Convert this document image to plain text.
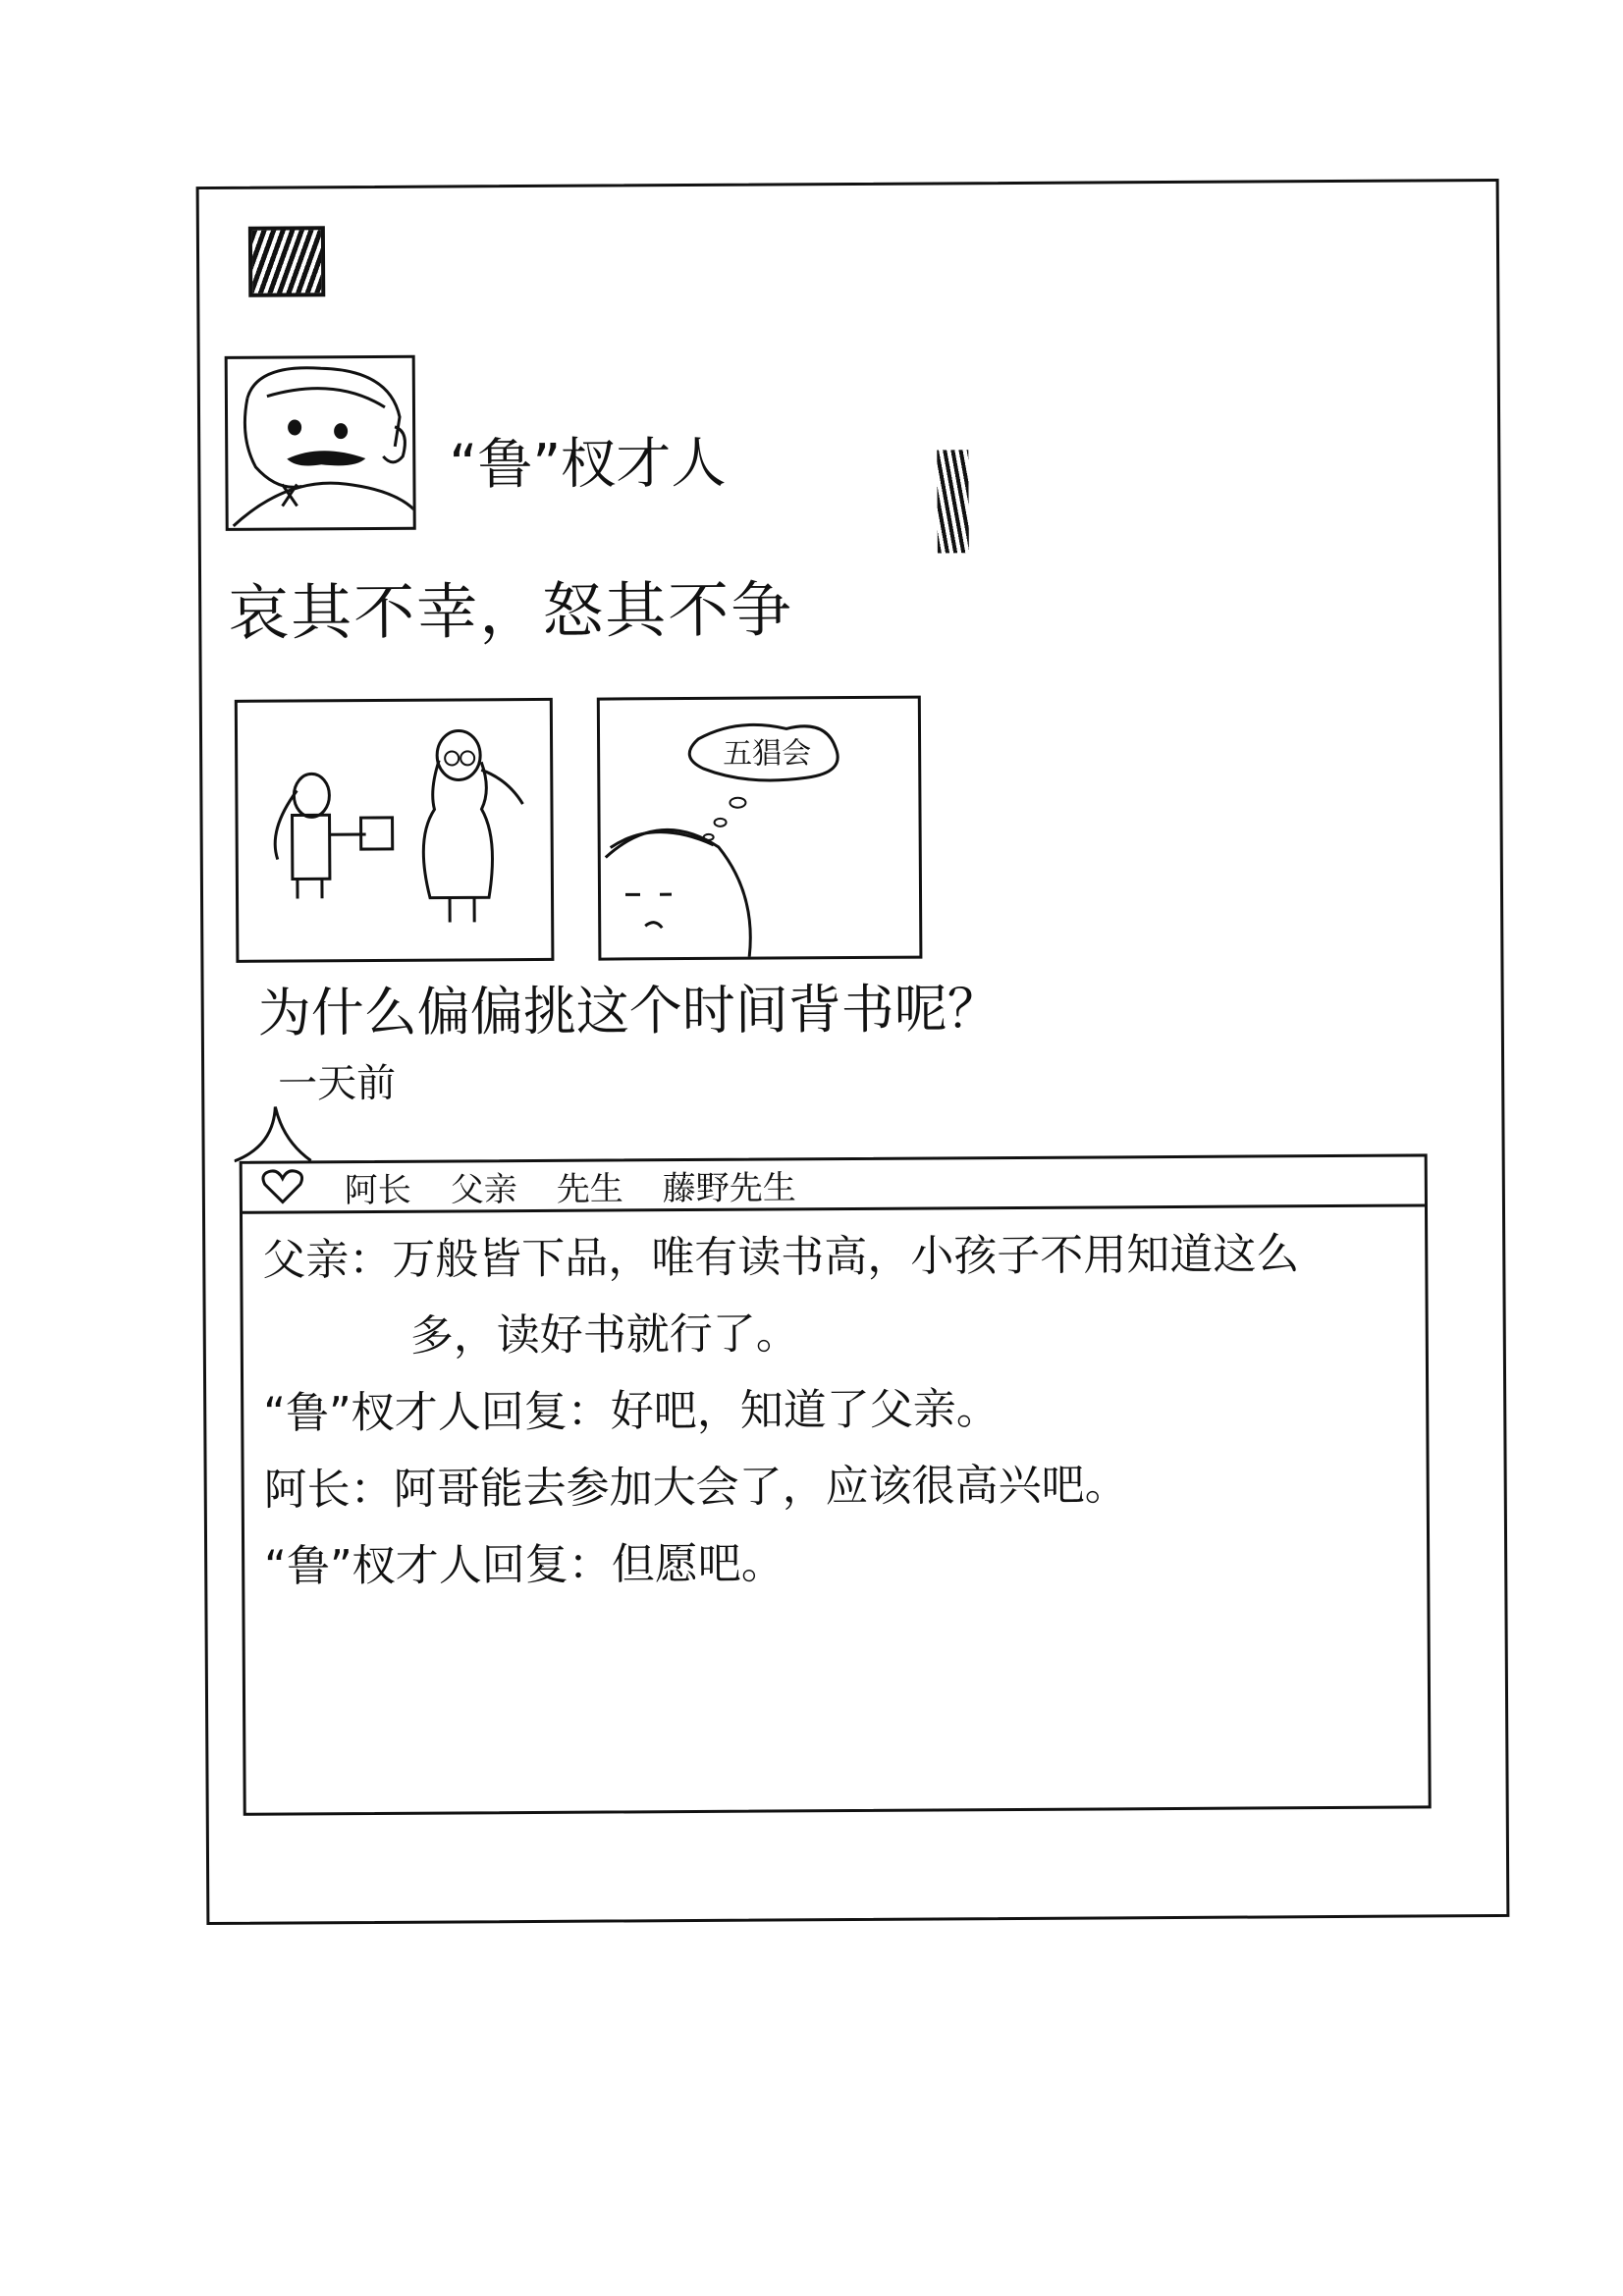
“鲁”杈才人
哀其不幸，怒其不争
五猖会
为什么偏偏挑这个时间背书呢？
一天前
阿长 父亲 先生 藤野先生
父亲：万般皆下品，唯有读书高，小孩子不用知道这么
多，读好书就行了。
“鲁”杈才人回复：好吧，知道了父亲。
阿长：阿哥能去参加大会了，应该很高兴吧。
“鲁”杈才人回复：但愿吧。
